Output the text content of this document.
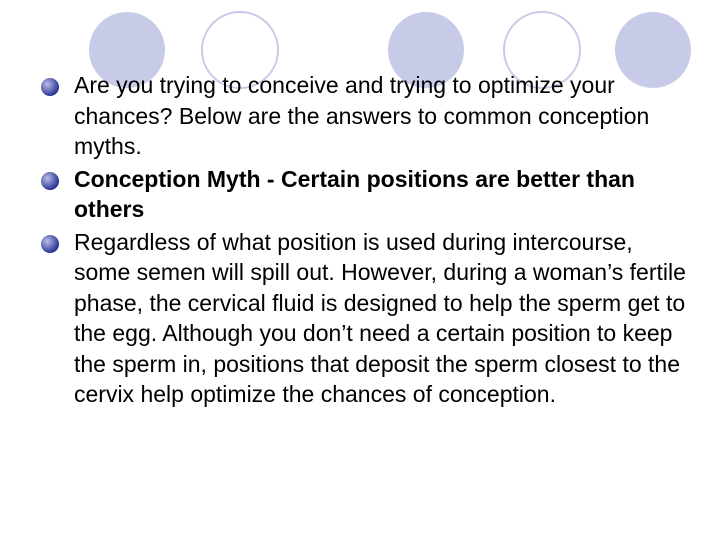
Are you trying to conceive and trying to optimize your chances? Below are the answers to common conception myths.
Conception Myth - Certain positions are better than others
Regardless of what position is used during intercourse, some semen will spill out. However, during a woman’s fertile phase, the cervical fluid is designed to help the sperm get to the egg. Although you don’t need a certain position to keep the sperm in, positions that deposit the sperm closest to the cervix help optimize the chances of conception.
